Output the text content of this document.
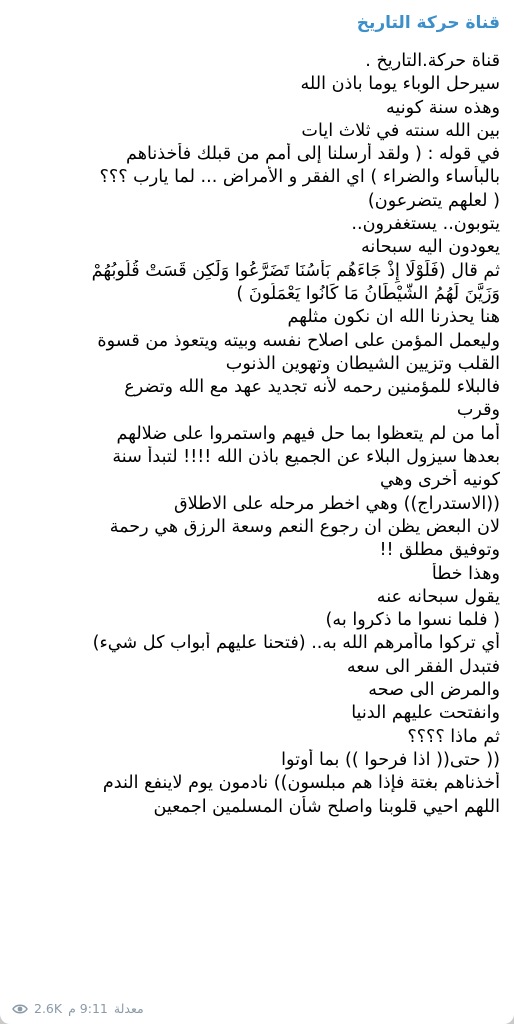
قناة حركة التاريخ
قناة حركة.التاريخ .
سيرحل الوباء يوما باذن الله
وهذه سنة كونيه
بين الله سنته في ثلاث ايات
في قوله : ( ولقد أرسلنا إلى أمم من قبلك فأخذناهم
بالبأساء والضراء ) اي الفقر و الأمراض ... لما يارب ؟؟؟
( لعلهم يتضرعون)
يتوبون.. يستغفرون..
يعودون اليه سبحانه
ثم قال (فَلَوْلَا إِذْ جَاءَهُم بَأْسُنَا تَضَرَّعُوا وَلَٰكِن قَسَتْ قُلُوبُهُمْ
وَزَيَّنَ لَهُمُ الشَّيْطَانُ مَا كَانُوا يَعْمَلُونَ )
هنا يحذرنا الله ان نكون مثلهم
وليعمل المؤمن على اصلاح نفسه وبيته ويتعوذ من قسوة
القلب وتزيين الشيطان وتهوين الذنوب
فالبلاء للمؤمنين رحمه لأنه تجديد عهد مع الله وتضرع
وقرب
أما من لم يتعظوا بما حل فيهم واستمروا على ضلالهم
بعدها سيزول البلاء عن الجميع باذن الله !!!! لتبدأ سنة
كونيه أخرى وهي
((الاستدراج)) وهي اخطر مرحله على الاطلاق
لان البعض يظن ان رجوع النعم وسعة الرزق هي رحمة
وتوفيق مطلق !!
وهذا خطأ
يقول سبحانه عنه
( فلما نسوا ما ذكروا به)
أي تركوا ماأمرهم الله به.. (فتحنا عليهم أبواب كل شيء)
فتبدل الفقر الى سعه
والمرض الى صحه
وانفتحت عليهم الدنيا
ثم ماذا ؟؟؟؟
(( حتى(( اذا فرحوا )) بما أوتوا
أخذناهم بغتة فإذا هم مبلسون)) نادمون يوم لاينفع الندم
اللهم احيي قلوبنا واصلح شأن المسلمين اجمعين
معدلة
9:11 م
2.6K
